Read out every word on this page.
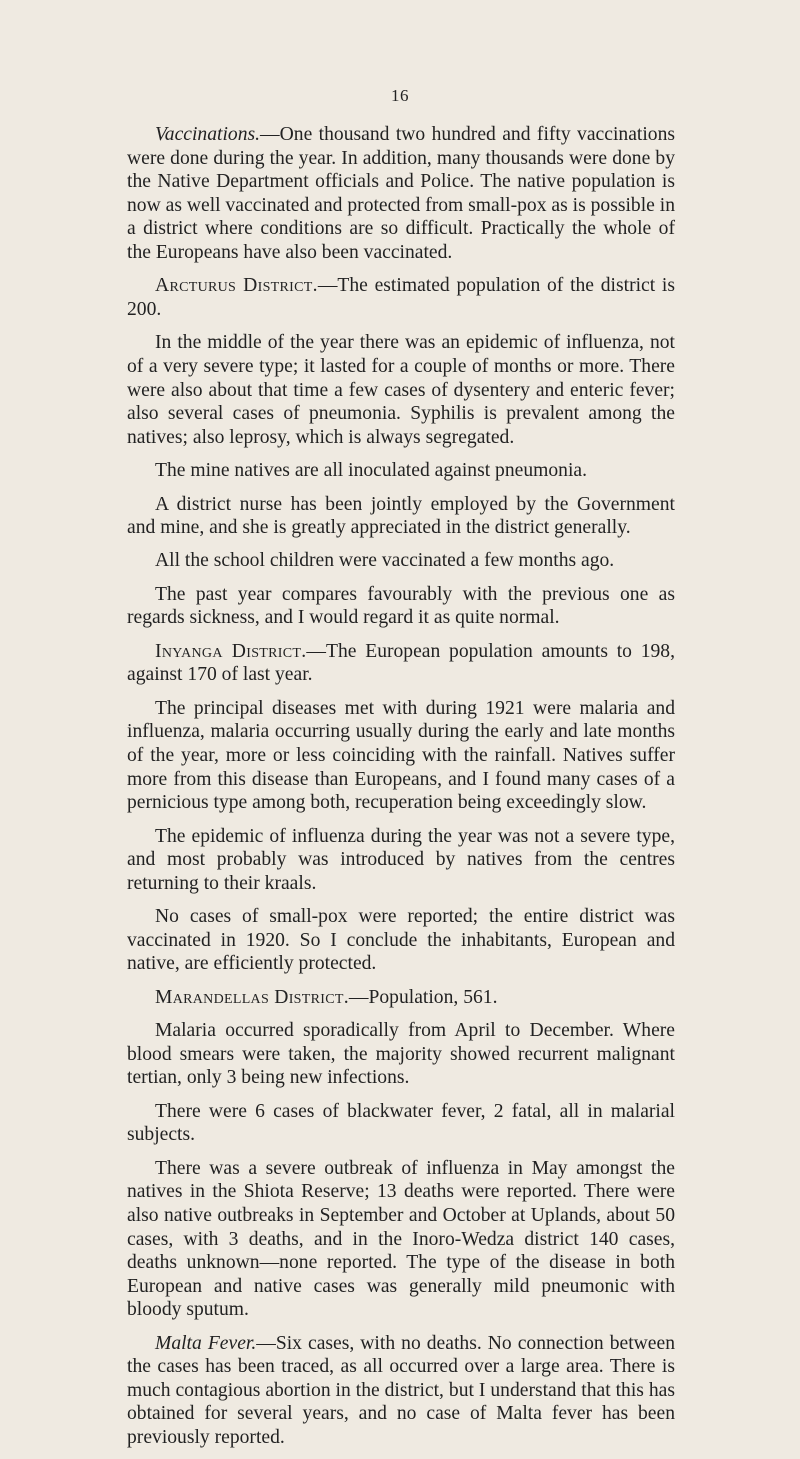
16

Vaccinations.—One thousand two hundred and fifty vaccinations were done during the year. In addition, many thousands were done by the Native Department officials and Police. The native population is now as well vaccinated and protected from small-pox as is possible in a district where conditions are so difficult. Practically the whole of the Europeans have also been vaccinated.

Arcturus District.—The estimated population of the district is 200.

In the middle of the year there was an epidemic of influenza, not of a very severe type; it lasted for a couple of months or more. There were also about that time a few cases of dysentery and enteric fever; also several cases of pneumonia. Syphilis is prevalent among the natives; also leprosy, which is always segregated.

The mine natives are all inoculated against pneumonia.

A district nurse has been jointly employed by the Government and mine, and she is greatly appreciated in the district generally.

All the school children were vaccinated a few months ago.

The past year compares favourably with the previous one as regards sickness, and I would regard it as quite normal.

Inyanga District.—The European population amounts to 198, against 170 of last year.

The principal diseases met with during 1921 were malaria and influenza, malaria occurring usually during the early and late months of the year, more or less coinciding with the rainfall. Natives suffer more from this disease than Europeans, and I found many cases of a pernicious type among both, recuperation being exceedingly slow.

The epidemic of influenza during the year was not a severe type, and most probably was introduced by natives from the centres returning to their kraals.

No cases of small-pox were reported; the entire district was vaccinated in 1920. So I conclude the inhabitants, European and native, are efficiently protected.

Marandellas District.—Population, 561.

Malaria occurred sporadically from April to December. Where blood smears were taken, the majority showed recurrent malignant tertian, only 3 being new infections.

There were 6 cases of blackwater fever, 2 fatal, all in malarial subjects.

There was a severe outbreak of influenza in May amongst the natives in the Shiota Reserve; 13 deaths were reported. There were also native outbreaks in September and October at Uplands, about 50 cases, with 3 deaths, and in the Inoro-Wedza district 140 cases, deaths unknown—none reported. The type of the disease in both European and native cases was generally mild pneumonic with bloody sputum.

Malta Fever.—Six cases, with no deaths. No connection between the cases has been traced, as all occurred over a large area. There is much contagious abortion in the district, but I understand that this has obtained for several years, and no case of Malta fever has been previously reported.
